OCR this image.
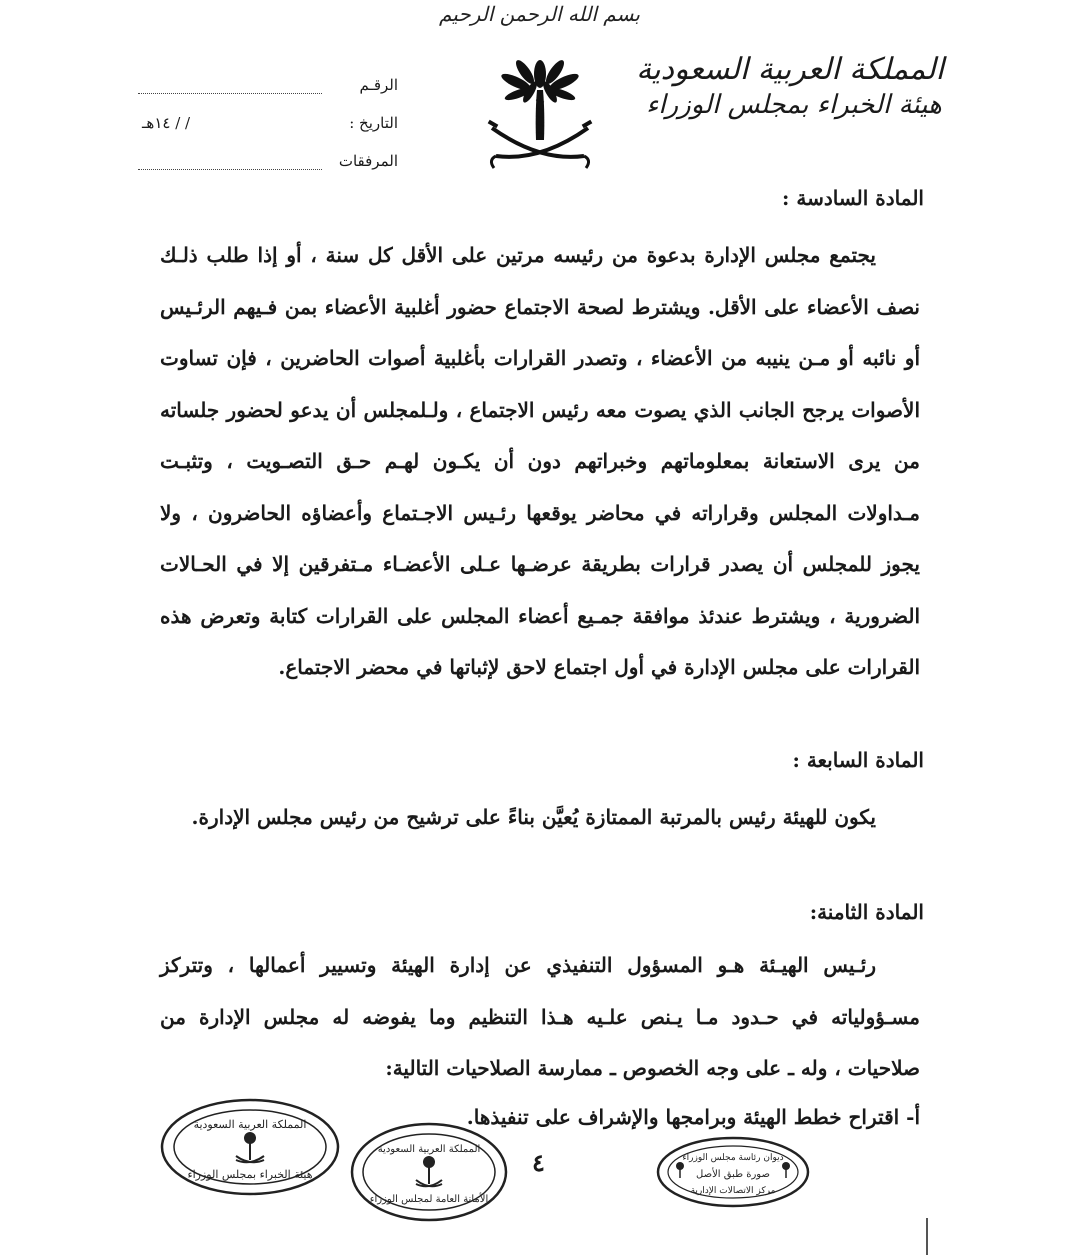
بسم الله الرحمن الرحيم
المملكة العربية السعودية
هيئة الخبراء بمجلس الوزراء
الرقـم
التاريخ :
/ / ١٤هـ
المرفقات
المادة السادسة :

يجتمع مجلس الإدارة بدعوة من رئيسه مرتين على الأقل كل سنة ، أو إذا طلب ذلـك نصف الأعضاء على الأقل. ويشترط لصحة الاجتماع حضور أغلبية الأعضاء بمن فـيهم الرئـيس أو نائبه أو مـن ينيبه من الأعضاء ، وتصدر القرارات بأغلبية أصوات الحاضرين ، فإن تساوت الأصوات يرجح الجانب الذي يصوت معه رئيس الاجتماع ، ولـلمجلس أن يدعو لحضور جلساته من يرى الاستعانة بمعلوماتهم وخبراتهم دون أن يكـون لهـم حـق التصـويت ، وتثبـت مـداولات المجلس وقراراته في محاضر يوقعها رئـيس الاجـتماع وأعضاؤه الحاضرون ، ولا يجوز للمجلس أن يصدر قرارات بطريقة عرضـها عـلى الأعضـاء مـتفرقين إلا في الحـالات الضرورية ، ويشترط عندئذ موافقة جمـيع أعضاء المجلس على القرارات كتابة وتعرض هذه القرارات على مجلس الإدارة في أول اجتماع لاحق لإثباتها في محضر الاجتماع.

المادة السابعة :

يكون للهيئة رئيس بالمرتبة الممتازة يُعيَّن بناءً على ترشيح من رئيس مجلس الإدارة.

المادة الثامنة:

رئـيس الهيـئة هـو المسؤول التنفيذي عن إدارة الهيئة وتسيير أعمالها ، وتتركز مسـؤولياته في حـدود مـا يـنص علـيه هـذا التنظيم وما يفوضه له مجلس الإدارة من صلاحيات ، وله ـ على وجه الخصوص ـ ممارسة الصلاحيات التالية:

أ- اقتراح خطط الهيئة وبرامجها والإشراف على تنفيذها.

المملكة العربية السعودية
هيئة الخبراء بمجلس الوزراء
المملكة العربية السعودية
الأمانة العامة لمجلس الوزراء
٤	ديوان رئاسة مجلس الوزراء
صورة طبق الأصل
مركز الاتصالات الإدارية
